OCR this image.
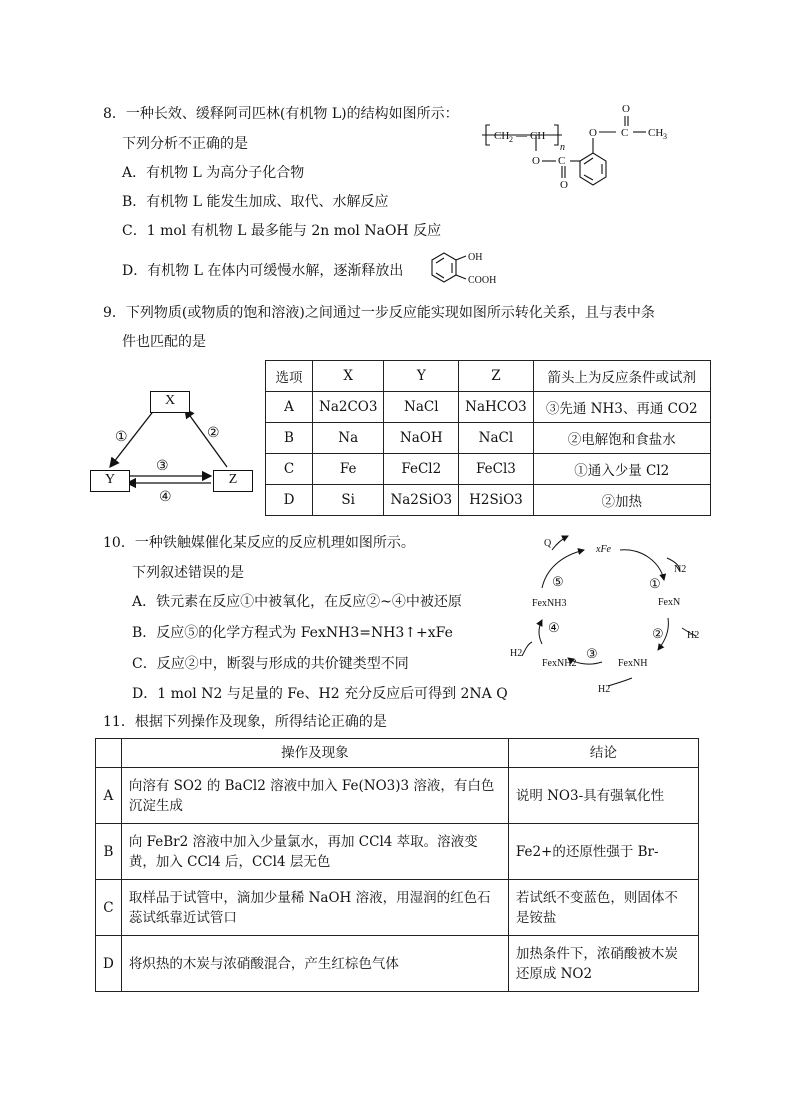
8．一种长效、缓释阿司匹林(有机物 L)的结构如图所示：
下列分析不正确的是
A．有机物 L 为高分子化合物
B．有机物 L 能发生加成、取代、水解反应
C．1 mol 有机物 L 最多能与 2n mol NaOH 反应
D．有机物 L 在体内可缓慢水解，逐渐释放出
CH 2 — CH
n
O C
O
O C
O
CH 3
OH
COOH
9．下列物质(或物质的饱和溶液)之间通过一步反应能实现如图所示转化关系，且与表中条
件也匹配的是
①	②
③
④
X
Y	Z
选项	X	Y	Z	箭头上为反应条件或试剂
A	Na2CO3	NaCl	NaHCO3	③先通 NH3、再通 CO2
B	Na	NaOH	NaCl	②电解饱和食盐水
C	Fe	FeCl2	FeCl3	①通入少量 Cl2
D	Si	Na2SiO3	H2SiO3	②加热
10．一种铁触媒催化某反应的反应机理如图所示。
下列叙述错误的是
A．铁元素在反应①中被氧化，在反应②~④中被还原
B．反应⑤的化学方程式为 FexNH3=NH3↑+xFe
C．反应②中，断裂与形成的共价键类型不同
D．1 mol N2 与足量的 Fe、H2 充分反应后可得到 2NA Q
Q
xFe
N2
①
FexN
H2
②
FexNH
③
H2
FexNH2
H2
④
FexNH3
⑤
11．根据下列操作及现象，所得结论正确的是
	操作及现象	结论
A	向溶有 SO2 的 BaCl2 溶液中加入 Fe(NO3)3 溶液，有白色沉淀生成	说明 NO3-具有强氧化性
B	向 FeBr2 溶液中加入少量氯水，再加 CCl4 萃取。溶液变黄，加入 CCl4 后，CCl4 层无色	Fe2+的还原性强于 Br-
C	取样品于试管中，滴加少量稀 NaOH 溶液，用湿润的红色石蕊试纸靠近试管口	若试纸不变蓝色，则固体不是铵盐
D	将炽热的木炭与浓硝酸混合，产生红棕色气体	加热条件下，浓硝酸被木炭还原成 NO2
